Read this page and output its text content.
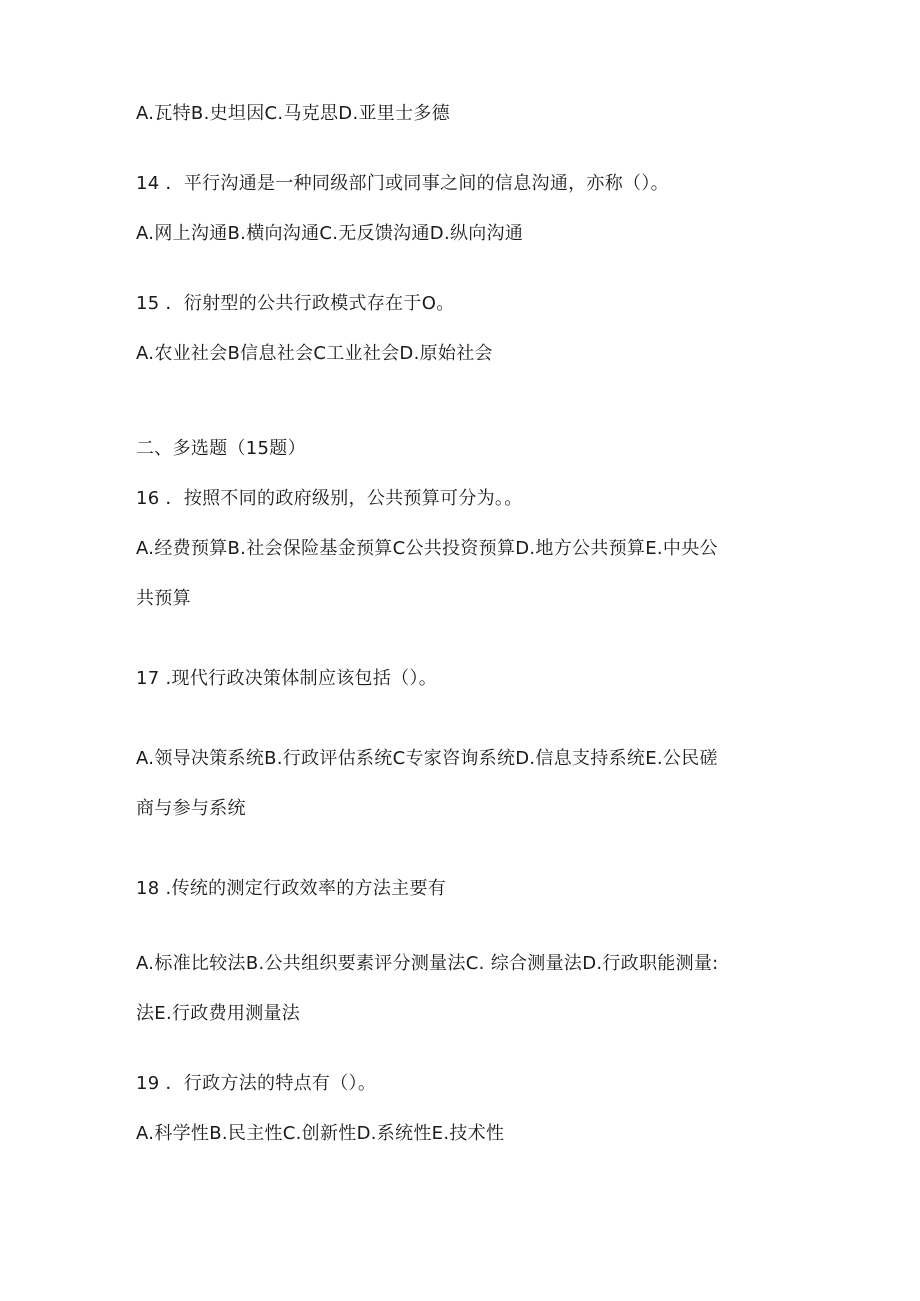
A.瓦特B.史坦因C.马克思D.亚里士多德
14 ．平行沟通是一种同级部门或同事之间的信息沟通，亦称（）。
A.网上沟通B.横向沟通C.无反馈沟通D.纵向沟通
15 ．衍射型的公共行政模式存在于O。
A.农业社会B信息社会C工业社会D.原始社会
二、多选题（15题）
16 ．按照不同的政府级别，公共预算可分为。。
A.经费预算B.社会保险基金预算C公共投资预算D.地方公共预算E.中央公
共预算
17 .现代行政决策体制应该包括（）。
A.领导决策系统B.行政评估系统C专家咨询系统D.信息支持系统E.公民磋
商与参与系统
18 .传统的测定行政效率的方法主要有
A.标准比较法B.公共组织要素评分测量法C. 综合测量法D.行政职能测量:
法E.行政费用测量法
19 ．行政方法的特点有（）。
A.科学性B.民主性C.创新性D.系统性E.技术性
